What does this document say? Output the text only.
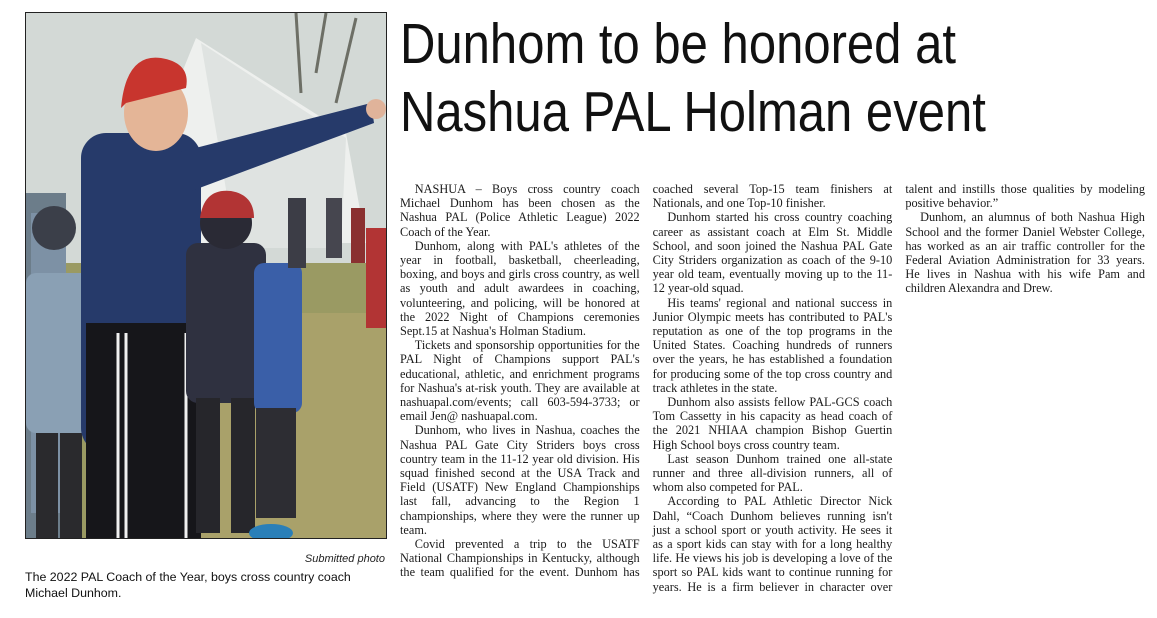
Submitted photo
The 2022 PAL Coach of the Year, boys cross country coach Michael Dunhom.
Dunhom to be honored at
Nashua PAL Holman event

NASHUA – Boys cross country coach Michael Dunhom has been chosen as the Nashua PAL (Police Athletic League) 2022 Coach of the Year.

Dunhom, along with PAL's athletes of the year in football, basketball, cheerleading, boxing, and boys and girls cross country, as well as youth and adult awardees in coaching, volunteering, and policing, will be honored at the 2022 Night of Champions ceremonies Sept.15 at Nashua's Holman Stadium.

Tickets and sponsorship opportunities for the PAL Night of Champions support PAL's educational, athletic, and enrichment programs for Nashua's at-risk youth. They are available at nashuapal.com/events; call 603-594-3733; or email Jen@ nashuapal.com.

Dunhom, who lives in Nashua, coaches the Nashua PAL Gate City Striders boys cross country team in the 11-12 year old division. His squad finished second at the USA Track and Field (USATF) New England Championships last fall, advancing to the Region 1 championships, where they were the runner up team.

Covid prevented a trip to the USATF National Championships in Kentucky, although the team qualified for the event. Dunhom has coached several Top-15 team finishers at Nationals, and one Top-10 finisher.

Dunhom started his cross country coaching career as assistant coach at Elm St. Middle School, and soon joined the Nashua PAL Gate City Striders organization as coach of the 9-10 year old team, eventually moving up to the 11-12 year-old squad.

His teams' regional and national success in Junior Olympic meets has contributed to PAL's reputation as one of the top programs in the United States. Coaching hundreds of runners over the years, he has established a foundation for producing some of the top cross country and track athletes in the state.

Dunhom also assists fellow PAL-GCS coach Tom Cassetty in his capacity as head coach of the 2021 NHIAA champion Bishop Guertin High School boys cross country team.

Last season Dunhom trained one all-state runner and three all-division runners, all of whom also competed for PAL.

According to PAL Athletic Director Nick Dahl, “Coach Dunhom believes running isn't just a school sport or youth activity. He sees it as a sport kids can stay with for a long healthy life. He views his job is developing a love of the sport so PAL kids want to continue running for years. He is a firm believer in character over talent and instills those qualities by modeling positive behavior.”

Dunhom, an alumnus of both Nashua High School and the former Daniel Webster College, has worked as an air traffic controller for the Federal Aviation Administration for 33 years. He lives in Nashua with his wife Pam and children Alexandra and Drew.
